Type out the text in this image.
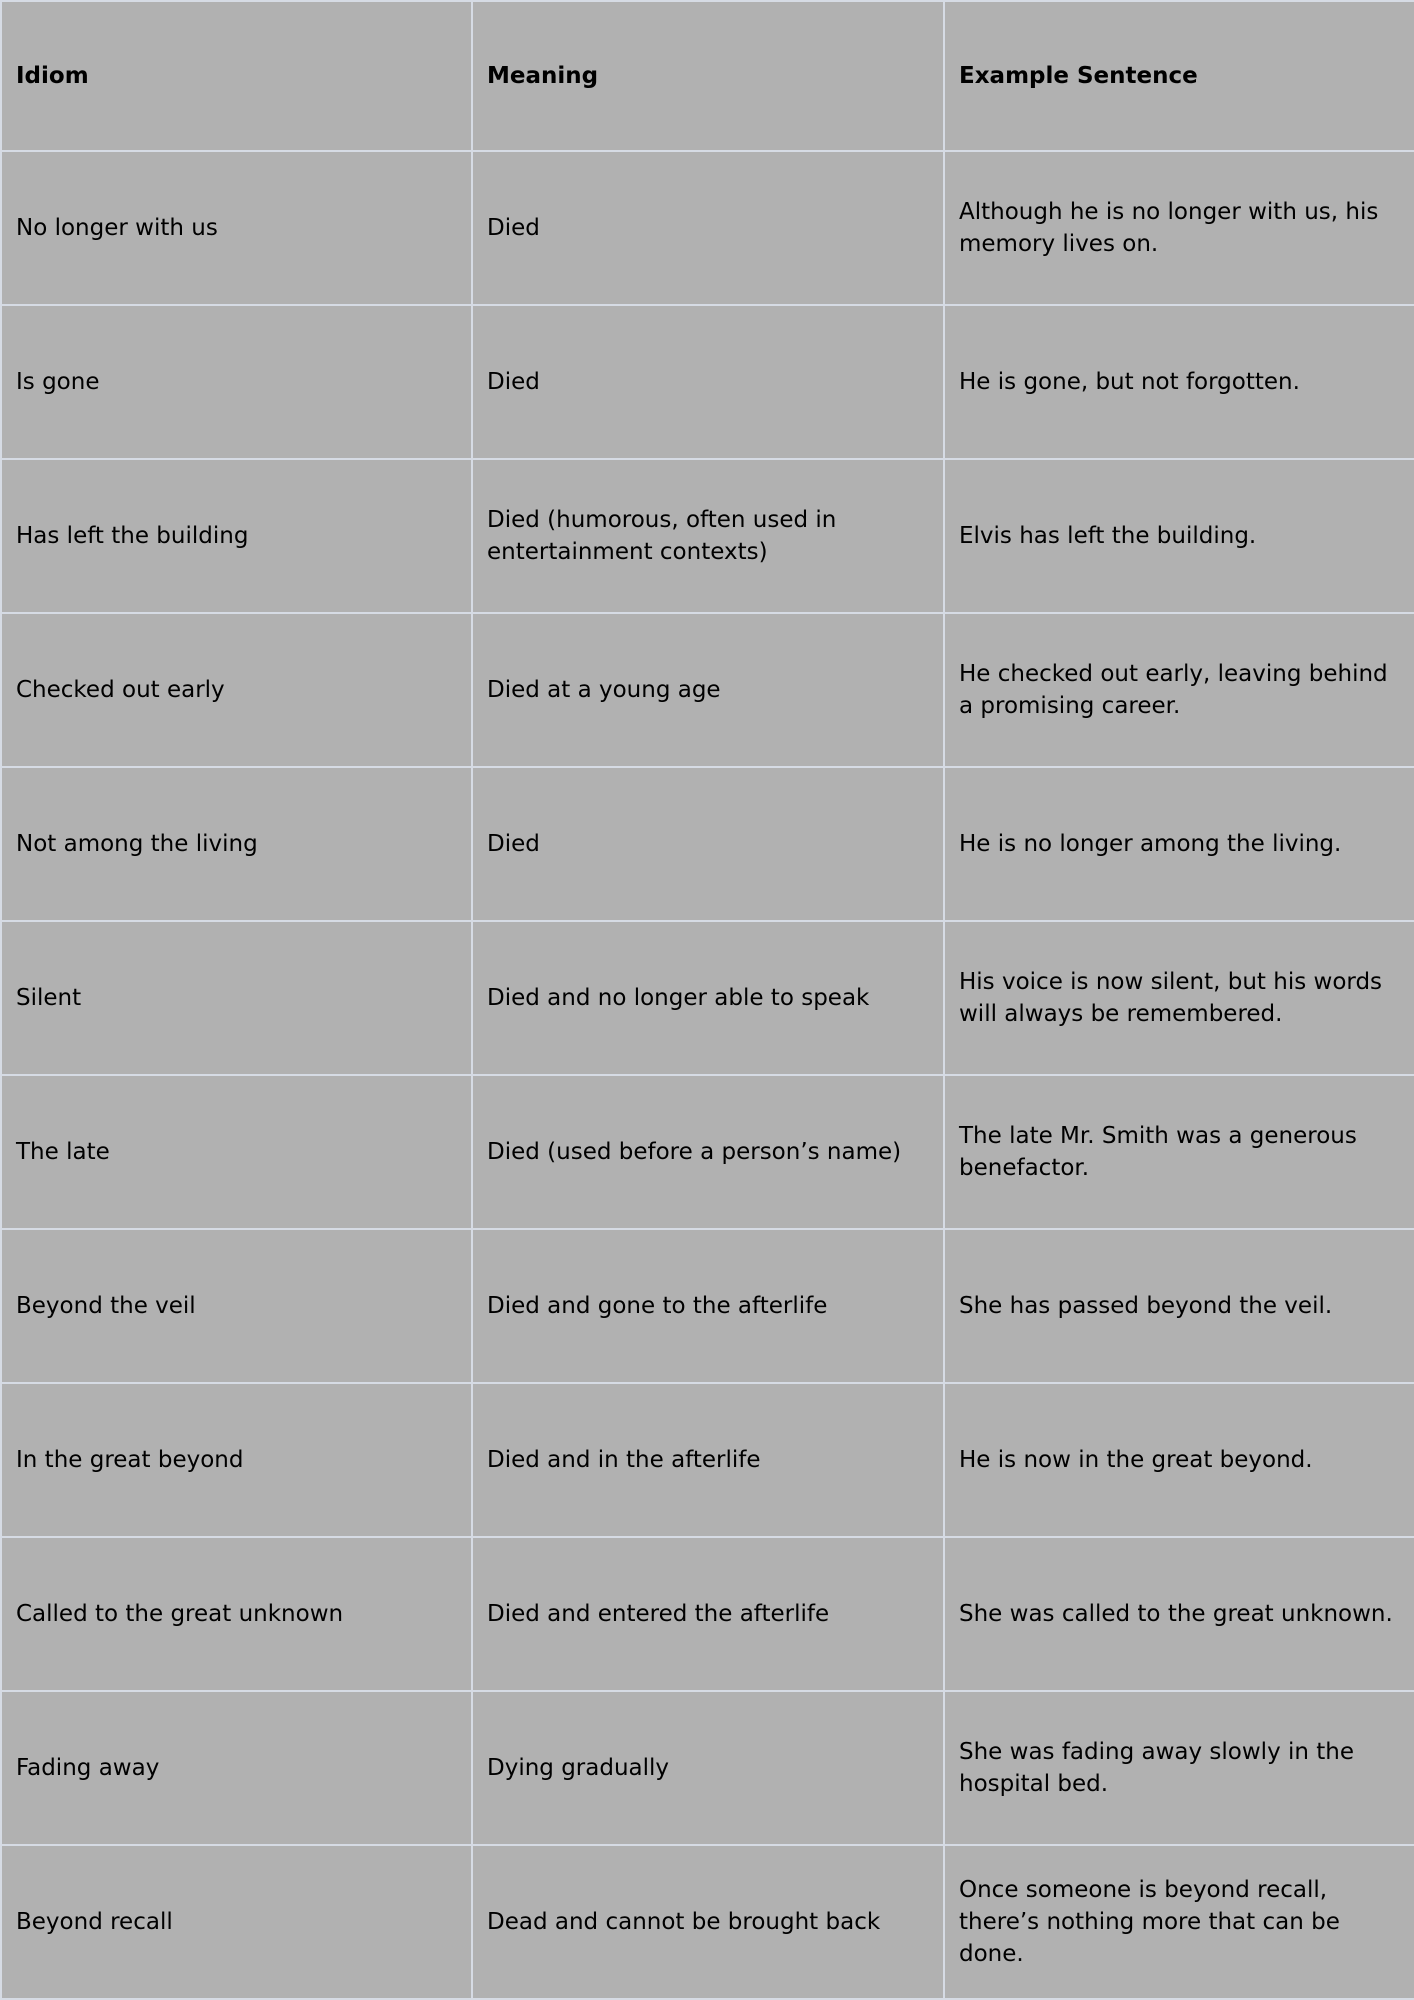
Idiom	Meaning	Example Sentence
No longer with us	Died	Although he is no longer with us, his memory lives on.
Is gone	Died	He is gone, but not forgotten.
Has left the building	Died (humorous, often used in entertainment contexts)	Elvis has left the building.
Checked out early	Died at a young age	He checked out early, leaving behind a promising career.
Not among the living	Died	He is no longer among the living.
Silent	Died and no longer able to speak	His voice is now silent, but his words will always be remembered.
The late	Died (used before a person’s name)	The late Mr. Smith was a generous benefactor.
Beyond the veil	Died and gone to the afterlife	She has passed beyond the veil.
In the great beyond	Died and in the afterlife	He is now in the great beyond.
Called to the great unknown	Died and entered the afterlife	She was called to the great unknown.
Fading away	Dying gradually	She was fading away slowly in the hospital bed.
Beyond recall	Dead and cannot be brought back	Once someone is beyond recall, there’s nothing more that can be done.
